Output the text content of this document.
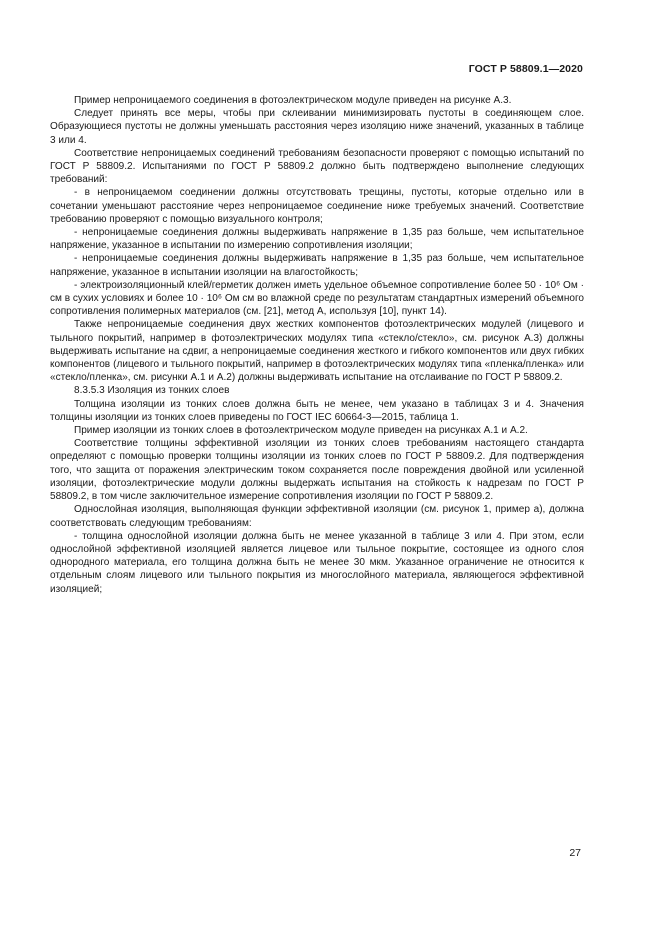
ГОСТ Р 58809.1—2020

Пример непроницаемого соединения в фотоэлектрическом модуле приведен на рисунке А.3.

Следует принять все меры, чтобы при склеивании минимизировать пустоты в соединяющем слое. Образующиеся пустоты не должны уменьшать расстояния через изоляцию ниже значений, указанных в таблице 3 или 4.

Соответствие непроницаемых соединений требованиям безопасности проверяют с помощью испытаний по ГОСТ Р 58809.2. Испытаниями по ГОСТ Р 58809.2 должно быть подтверждено выполнение следующих требований:

- в непроницаемом соединении должны отсутствовать трещины, пустоты, которые отдельно или в сочетании уменьшают расстояние через непроницаемое соединение ниже требуемых значений. Соответствие требованию проверяют с помощью визуального контроля;

- непроницаемые соединения должны выдерживать напряжение в 1,35 раз больше, чем испытательное напряжение, указанное в испытании по измерению сопротивления изоляции;

- непроницаемые соединения должны выдерживать напряжение в 1,35 раз больше, чем испытательное напряжение, указанное в испытании изоляции на влагостойкость;

- электроизоляционный клей/герметик должен иметь удельное объемное сопротивление более 50 · 10⁶ Ом · см в сухих условиях и более 10 · 10⁶ Ом см во влажной среде по результатам стандартных измерений объемного сопротивления полимерных материалов (см. [21], метод А, используя [10], пункт 14).

Также непроницаемые соединения двух жестких компонентов фотоэлектрических модулей (лицевого и тыльного покрытий, например в фотоэлектрических модулях типа «стекло/стекло», см. рисунок А.3) должны выдерживать испытание на сдвиг, а непроницаемые соединения жесткого и гибкого компонентов или двух гибких компонентов (лицевого и тыльного покрытий, например в фотоэлектрических модулях типа «пленка/пленка» или «стекло/пленка», см. рисунки А.1 и А.2) должны выдерживать испытание на отслаивание по ГОСТ Р 58809.2.

8.3.5.3 Изоляция из тонких слоев

Толщина изоляции из тонких слоев должна быть не менее, чем указано в таблицах 3 и 4. Значения толщины изоляции из тонких слоев приведены по ГОСТ IEC 60664-3—2015, таблица 1.

Пример изоляции из тонких слоев в фотоэлектрическом модуле приведен на рисунках А.1 и А.2.

Соответствие толщины эффективной изоляции из тонких слоев требованиям настоящего стандарта определяют с помощью проверки толщины изоляции из тонких слоев по ГОСТ Р 58809.2. Для подтверждения того, что защита от поражения электрическим током сохраняется после повреждения двойной или усиленной изоляции, фотоэлектрические модули должны выдержать испытания на стойкость к надрезам по ГОСТ Р 58809.2, в том числе заключительное измерение сопротивления изоляции по ГОСТ Р 58809.2.

Однослойная изоляция, выполняющая функции эффективной изоляции (см. рисунок 1, пример а), должна соответствовать следующим требованиям:

- толщина однослойной изоляции должна быть не менее указанной в таблице 3 или 4. При этом, если однослойной эффективной изоляцией является лицевое или тыльное покрытие, состоящее из одного слоя однородного материала, его толщина должна быть не менее 30 мкм. Указанное ограничение не относится к отдельным слоям лицевого или тыльного покрытия из многослойного материала, являющегося эффективной изоляцией;

27
